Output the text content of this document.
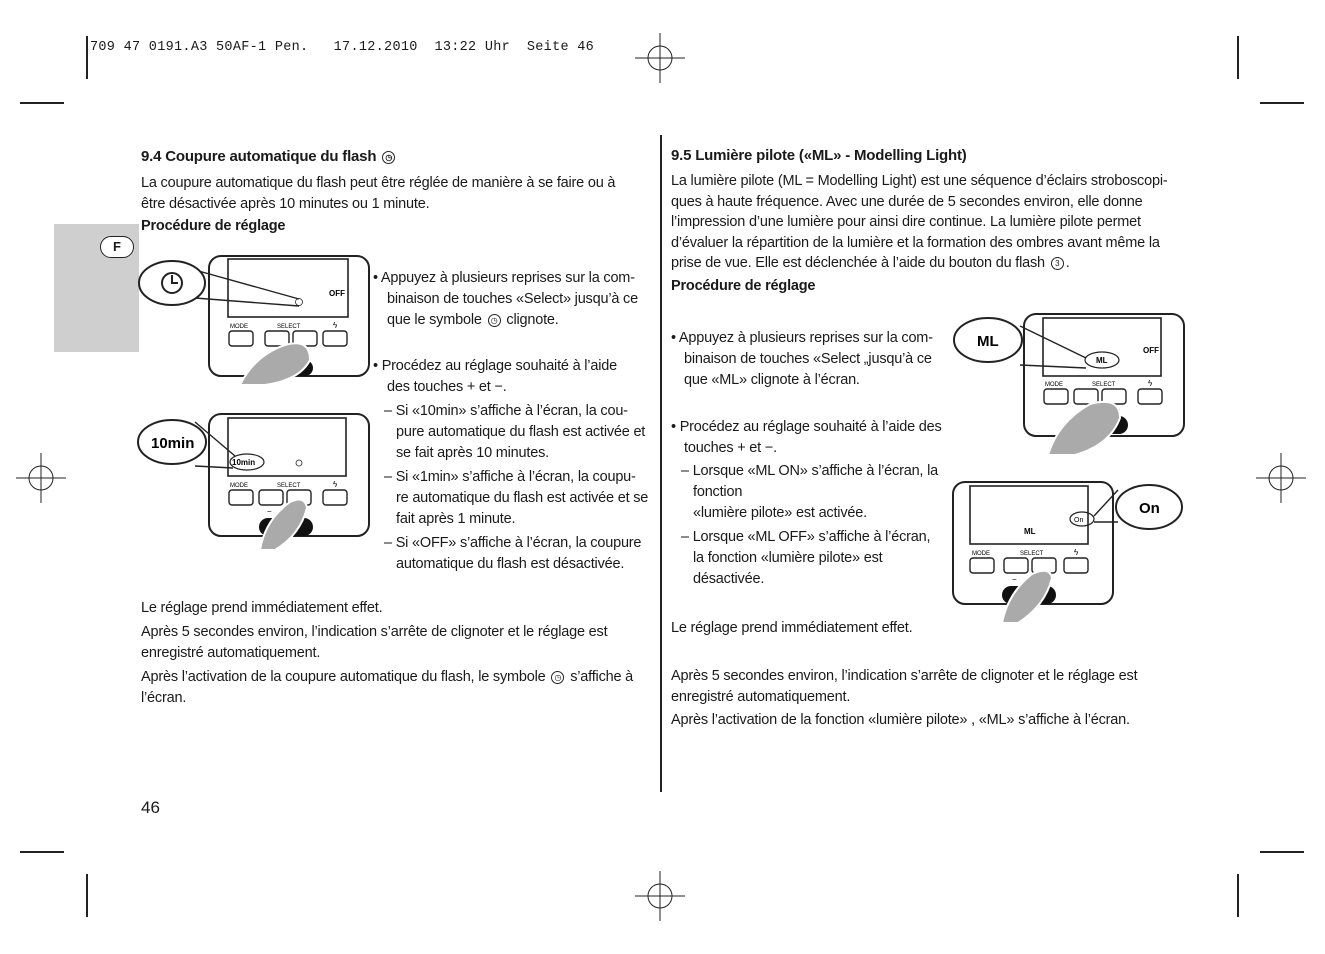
709 47 0191.A3 50AF-1 Pen.   17.12.2010  13:22 Uhr  Seite 46
F
9.4 Coupure automatique du flash ◷
La coupure automatique du flash peut être réglée de manière à se faire ou à
être désactivée après 10 minutes ou 1 minute.
Procédure de réglage
• Appuyez à plusieurs reprises sur la com-
binaison de touches «Select» jusqu’à ce
que le symbole ◷ clignote.
• Procédez au réglage souhaité à l’aide
des touches + et −.
– Si «10min» s’affiche à l’écran, la cou-
pure automatique du flash est activée et
se fait après 10 minutes.
– Si «1min» s’affiche à l’écran, la coupu-
re automatique du flash est activée et se
fait après 1 minute.
– Si «OFF» s’affiche à l’écran, la coupure
automatique du flash est désactivée.
Le réglage prend immédiatement effet.
Après 5 secondes environ, l’indication s’arrête de clignoter et le réglage est
enregistré automatiquement.
Après l’activation de la coupure automatique du flash, le symbole ◷ s’affiche à
l’écran.
OFF
MODE	SELECT	ϟ
10min
MODE	SELECT	ϟ
−
10min
9.5 Lumière pilote («ML» - Modelling Light)
La lumière pilote (ML = Modelling Light) est une séquence d’éclairs stroboscopi-
ques à haute fréquence. Avec une durée de 5 secondes environ, elle donne
l’impression d’une lumière pour ainsi dire continue. La lumière pilote permet
d’évaluer la répartition de la lumière et la formation des ombres avant même la
prise de vue. Elle est déclenchée à l’aide du bouton du flash 3 .
Procédure de réglage
• Appuyez à plusieurs reprises sur la com-
binaison de touches «Select „jusqu’à ce
que «ML» clignote à l’écran.
• Procédez au réglage souhaité à l’aide des
touches + et −.
– Lorsque «ML ON» s’affiche à l’écran, la
fonction
«lumière pilote» est activée.
– Lorsque «ML OFF» s’affiche à l’écran,
la fonction «lumière pilote» est
désactivée.
Le réglage prend immédiatement effet.
Après 5 secondes environ, l’indication s’arrête de clignoter et le réglage est
enregistré automatiquement.
Après l’activation de la fonction «lumière pilote» , «ML» s’affiche à l’écran.
ML
OFF
MODE	SELECT	ϟ
ML
On
ML
MODE	SELECT	ϟ
−
On
46
